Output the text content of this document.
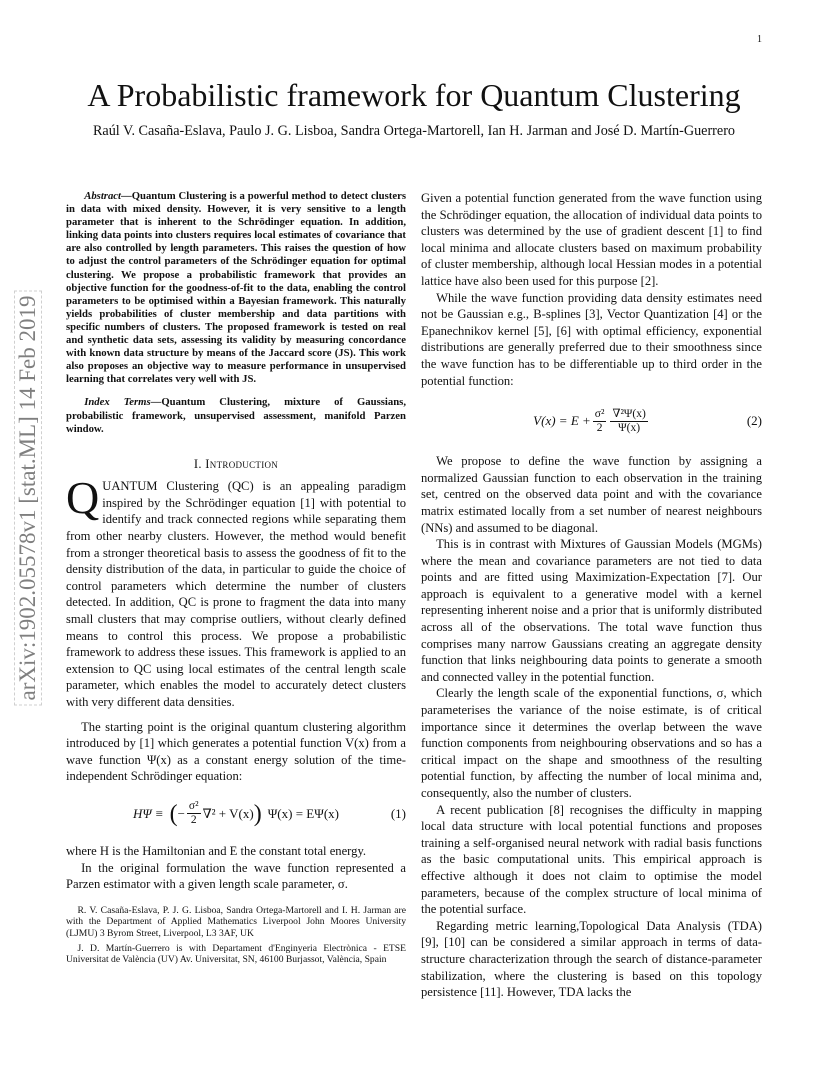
1
A Probabilistic framework for Quantum Clustering
Raúl V. Casaña-Eslava, Paulo J. G. Lisboa, Sandra Ortega-Martorell, Ian H. Jarman and José D. Martín-Guerrero
arXiv:1902.05578v1 [stat.ML] 14 Feb 2019

Abstract—Quantum Clustering is a powerful method to detect clusters in data with mixed density. However, it is very sensitive to a length parameter that is inherent to the Schrödinger equation. In addition, linking data points into clusters requires local estimates of covariance that are also controlled by length parameters. This raises the question of how to adjust the control parameters of the Schrödinger equation for optimal clustering. We propose a probabilistic framework that provides an objective function for the goodness-of-fit to the data, enabling the control parameters to be optimised within a Bayesian framework. This naturally yields probabilities of cluster membership and data partitions with specific numbers of clusters. The proposed framework is tested on real and synthetic data sets, assessing its validity by measuring concordance with known data structure by means of the Jaccard score (JS). This work also proposes an objective way to measure performance in unsupervised learning that correlates very well with JS.

Index Terms—Quantum Clustering, mixture of Gaussians, probabilistic framework, unsupervised assessment, manifold Parzen window.

I. Introduction

QUANTUM Clustering (QC) is an appealing paradigm inspired by the Schrödinger equation [1] with potential to identify and track connected regions while separating them from other nearby clusters. However, the method would benefit from a stronger theoretical basis to assess the goodness of fit to the density distribution of the data, in particular to guide the choice of control parameters which determine the number of clusters detected. In addition, QC is prone to fragment the data into many small clusters that may comprise outliers, without clearly defined means to control this process. We propose a probabilistic framework to address these issues. This framework is applied to an extension to QC using local estimates of the central length scale parameter, which enables the model to accurately detect clusters with very different data densities.

The starting point is the original quantum clustering algorithm introduced by [1] which generates a potential function V(x) from a wave function Ψ(x) as a constant energy solution of the time-independent Schrödinger equation:

HΨ ≡ ( − $\frac{\text{σ²}}{2} \nabla^2 + V(x)$ ) Ψ(x) = EΨ(x)	(1)

where H is the Hamiltonian and E the constant total energy.

In the original formulation the wave function represented a Parzen estimator with a given length scale parameter, σ.

R. V. Casaña-Eslava, P. J. G. Lisboa, Sandra Ortega-Martorell and I. H. Jarman are with the Department of Applied Mathematics Liverpool John Moores University (LJMU) 3 Byrom Street, Liverpool, L3 3AF, UK

J. D. Martín-Guerrero is with Departament d'Enginyeria Electrònica - ETSE Universitat de València (UV) Av. Universitat, SN, 46100 Burjassot, València, Spain

Given a potential function generated from the wave function using the Schrödinger equation, the allocation of individual data points to clusters was determined by the use of gradient descent [1] to find local minima and allocate clusters based on maximum probability of cluster membership, although local Hessian modes in a potential lattice have also been used for this purpose [2].

While the wave function providing data density estimates need not be Gaussian e.g., B-splines [3], Vector Quantization [4] or the Epanechnikov kernel [5], [6] with optimal efficiency, exponential distributions are generally preferred due to their smoothness since the wave function has to be differentiable up to third order in the potential function:

$V(x) = E + \frac{\text{σ²}}{2} \frac{\text{∇²Ψ(x)}}{\Psi(x)}$	(2)

We propose to define the wave function by assigning a normalized Gaussian function to each observation in the training set, centred on the observed data point and with the covariance matrix estimated locally from a set number of nearest neighbours (NNs) and assumed to be diagonal.

This is in contrast with Mixtures of Gaussian Models (MGMs) where the mean and covariance parameters are not tied to data points and are fitted using Maximization-Expectation [7]. Our approach is equivalent to a generative model with a kernel representing inherent noise and a prior that is uniformly distributed across all of the observations. The total wave function thus comprises many narrow Gaussians creating an aggregate density function that links neighbouring data points to generate a smooth and connected valley in the potential function.

Clearly the length scale of the exponential functions, σ, which parameterises the variance of the noise estimate, is of critical importance since it determines the overlap between the wave function components from neighbouring observations and so has a critical impact on the shape and smoothness of the resulting potential function, by affecting the number of local minima and, consequently, also the number of clusters.

A recent publication [8] recognises the difficulty in mapping local data structure with local potential functions and proposes training a self-organised neural network with radial basis functions as the basic computational units. This empirical approach is effective although it does not claim to optimise the model parameters, because of the complex structure of local minima of the potential surface.

Regarding metric learning,Topological Data Analysis (TDA) [9], [10] can be considered a similar approach in terms of data-structure characterization through the search of distance-parameter stabilization, where the clustering is based on this topology persistence [11]. However, TDA lacks the
